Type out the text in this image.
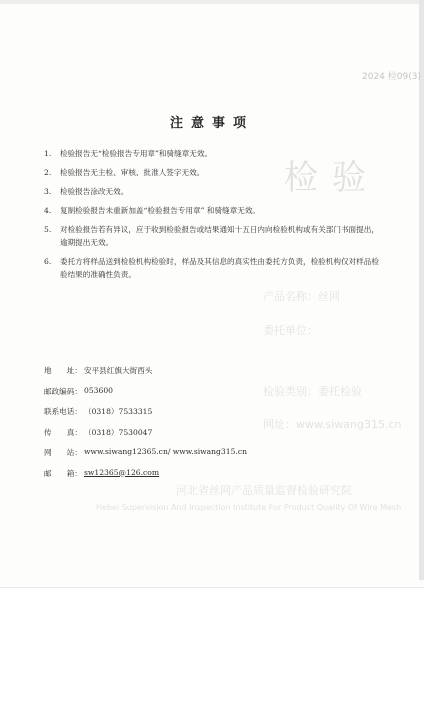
2024 检09(3)
检验
产品名称：丝网
委托单位：
检验类别：委托检验
网址：www.siwang315.cn
河北省丝网产品质量监督检验研究院
Hebei Supervision And Inspection Institute For Product Quality Of Wire Mesh
注意事项
1.	检验报告无“检验报告专用章”和骑缝章无效。
2.	检验报告无主检、审核、批准人签字无效。
3.	检验报告涂改无效。
4.	复制检验报告未重新加盖“检验报告专用章” 和骑缝章无效。
5.	对检验报告若有异议，应于收到检验报告或结果通知十五日内向检验机构或有关部门书面提出，逾期提出无效。
6.	委托方将样品送到检验机构检验时，样品及其信息的真实性由委托方负责，检验机构仅对样品检验结果的准确性负责。
地　　址： 安平县红旗大街西头
邮政编码： 053600
联系电话： （0318）7533315
传　　真： （0318）7530047
网　　站： www.siwang12365.cn/ www.siwang315.cn
邮　　箱： sw12365@126.com
